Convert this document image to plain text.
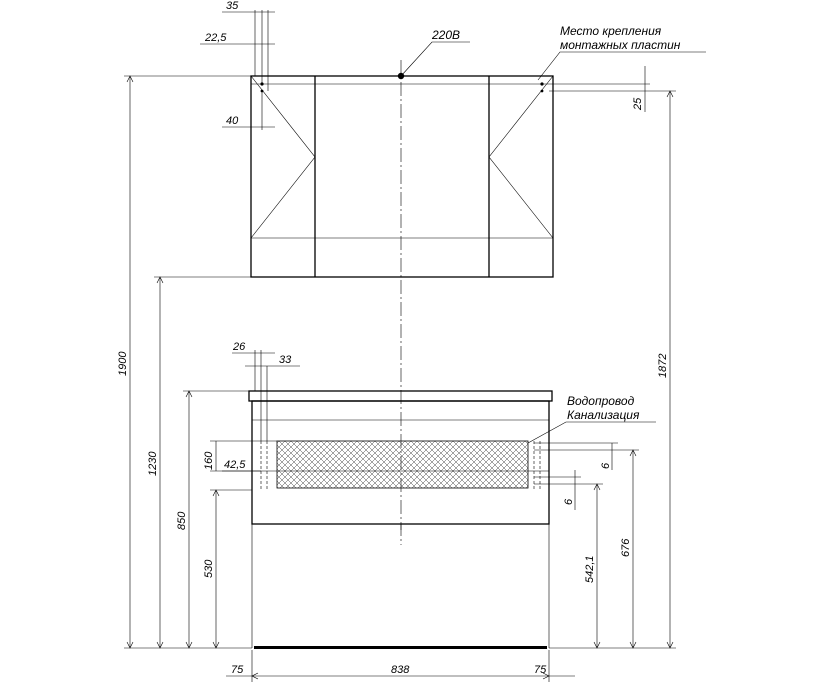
35
22,5
40
25
1900	1872
1230
26
33
160 42,5
850
530
6
6
676
542,1
75	838	75
220В	Место крепления
монтажных пластин
Водопровод
Канализация
